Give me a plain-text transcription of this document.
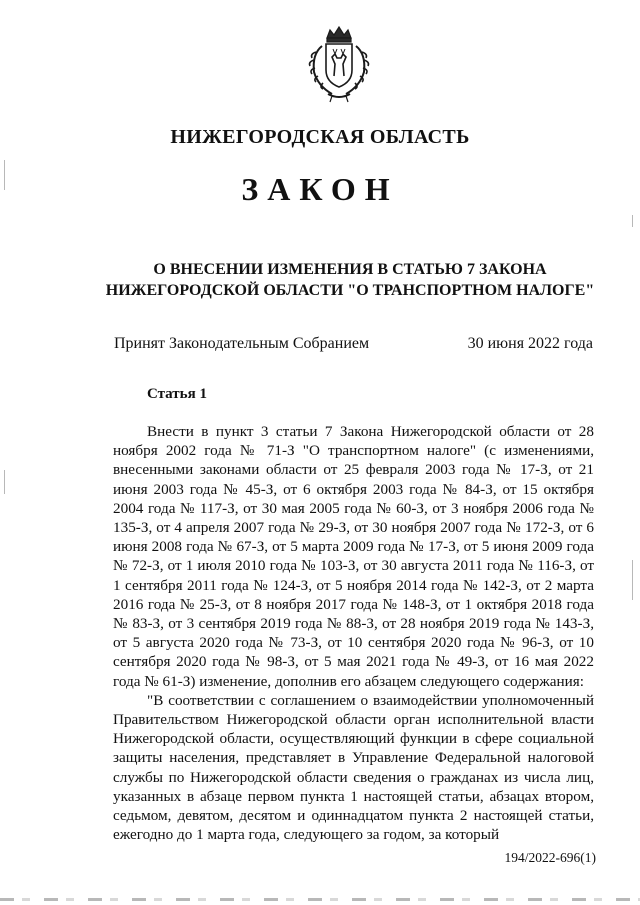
НИЖЕГОРОДСКАЯ ОБЛАСТЬ
ЗАКОН
О ВНЕСЕНИИ ИЗМЕНЕНИЯ В СТАТЬЮ 7 ЗАКОНА
НИЖЕГОРОДСКОЙ ОБЛАСТИ "О ТРАНСПОРТНОМ НАЛОГЕ"
Принят Законодательным Собранием	30 июня 2022 года
Статья 1

Внести в пункт 3 статьи 7 Закона Нижегородской области от 28 ноября 2002 года № 71-З "О транспортном налоге" (с изменениями, внесенными законами области от 25 февраля 2003 года № 17-З, от 21 июня 2003 года № 45-З, от 6 октября 2003 года № 84-З, от 15 октября 2004 года № 117-З, от 30 мая 2005 года № 60-З, от 3 ноября 2006 года № 135-З, от 4 апреля 2007 года № 29-З, от 30 ноября 2007 года № 172-З, от 6 июня 2008 года № 67-З, от 5 марта 2009 года № 17-З, от 5 июня 2009 года № 72-З, от 1 июля 2010 года № 103-З, от 30 августа 2011 года № 116-З, от 1 сентября 2011 года № 124-З, от 5 ноября 2014 года № 142-З, от 2 марта 2016 года № 25-З, от 8 ноября 2017 года № 148-З, от 1 октября 2018 года № 83-З, от 3 сентября 2019 года № 88-З, от 28 ноября 2019 года № 143-З, от 5 августа 2020 года № 73-З, от 10 сентября 2020 года № 96-З, от 10 сентября 2020 года № 98-З, от 5 мая 2021 года № 49-З, от 16 мая 2022 года № 61-З) изменение, дополнив его абзацем следующего содержания:

"В соответствии с соглашением о взаимодействии уполномоченный Правительством Нижегородской области орган исполнительной власти Нижегородской области, осуществляющий функции в сфере социальной защиты населения, представляет в Управление Федеральной налоговой службы по Нижегородской области сведения о гражданах из числа лиц, указанных в абзаце первом пункта 1 настоящей статьи, абзацах втором, седьмом, девятом, десятом и одиннадцатом пункта 2 настоящей статьи, ежегодно до 1 марта года, следующего за годом, за который

194/2022-696(1)
